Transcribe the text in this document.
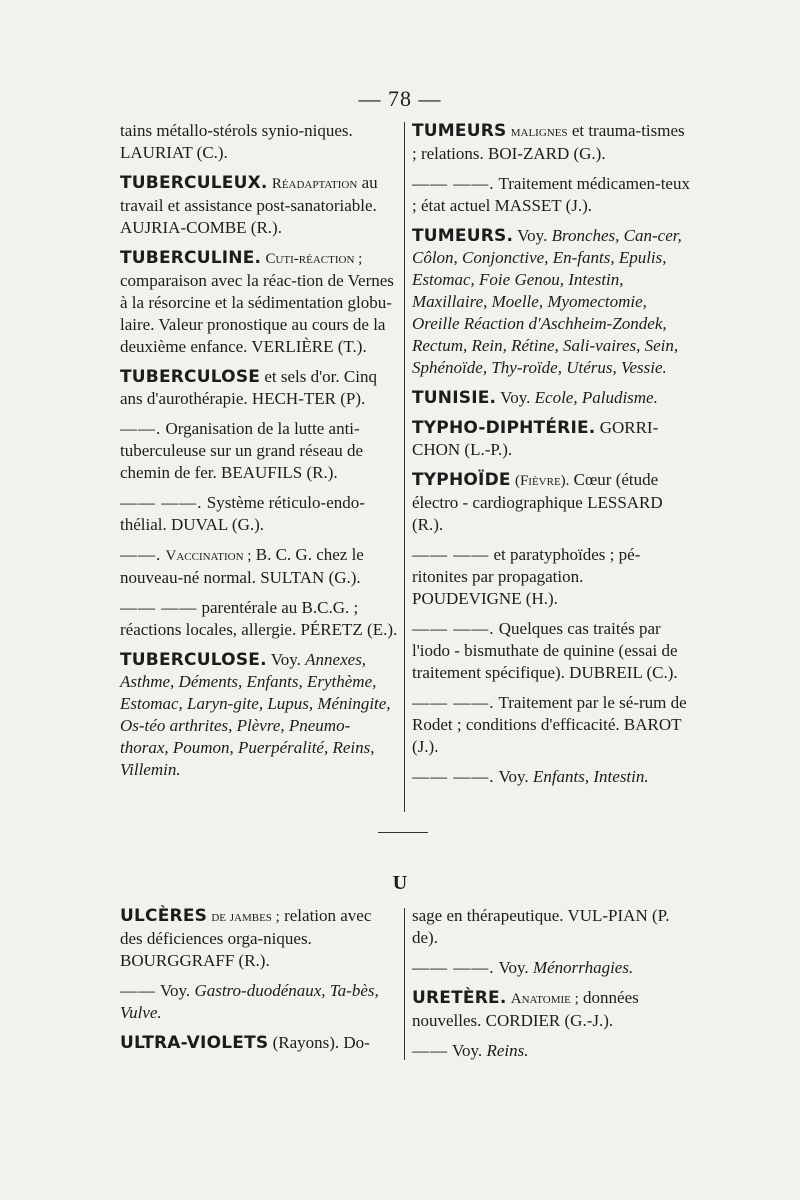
— 78 —
tains métallo-stérols synio-niques. LAURIAT (C.).
TUBERCULEUX. Réadaptation au travail et assistance post-sanatoriable. AUJRIA-COMBE (R.).
TUBERCULINE. Cuti-réaction ; comparaison avec la réac-tion de Vernes à la résorcine et la sédimentation globu-laire. Valeur pronostique au cours de la deuxième enfance. VERLIÈRE (T.).
TUBERCULOSE et sels d'or. Cinq ans d'aurothérapie. HECH-TER (P).
——. Organisation de la lutte anti-tuberculeuse sur un grand réseau de chemin de fer. BEAUFILS (R.).
—— ——. Système réticulo-endo-thélial. DUVAL (G.).
——. Vaccination ; B. C. G. chez le nouveau-né normal. SULTAN (G.).
—— —— parentérale au B.C.G. ; réactions locales, allergie. PÉRETZ (E.).
TUBERCULOSE. Voy. Annexes, Asthme, Déments, Enfants, Erythème, Estomac, Laryn-gite, Lupus, Méningite, Os-téo arthrites, Plèvre, Pneumo-thorax, Poumon, Puerpéralité, Reins, Villemin.
TUMEURS malignes et trauma-tismes ; relations. BOI-ZARD (G.).
—— ——. Traitement médicamen-teux ; état actuel MASSET (J.).
TUMEURS. Voy. Bronches, Can-cer, Côlon, Conjonctive, En-fants, Epulis, Estomac, Foie Genou, Intestin, Maxillaire, Moelle, Myomectomie, Oreille Réaction d'Aschheim-Zondek, Rectum, Rein, Rétine, Sali-vaires, Sein, Sphénoïde, Thy-roïde, Utérus, Vessie.
TUNISIE. Voy. Ecole, Paludisme.
TYPHO-DIPHTÉRIE. GORRI-CHON (L.-P.).
TYPHOÏDE (Fièvre). Cœur (étude électro - cardiographique LESSARD (R.).
—— —— et paratyphoïdes ; pé-ritonites par propagation. POUDEVIGNE (H.).
—— ——. Quelques cas traités par l'iodo - bismuthate de quinine (essai de traitement spécifique). DUBREIL (C.).
—— ——. Traitement par le sé-rum de Rodet ; conditions d'efficacité. BAROT (J.).
—— ——. Voy. Enfants, Intestin.
U
ULCÈRES de jambes ; relation avec des déficiences orga-niques. BOURGGRAFF (R.).
—— Voy. Gastro-duodénaux, Ta-bès, Vulve.
ULTRA-VIOLETS (Rayons). Do-
sage en thérapeutique. VUL-PIAN (P. de).
—— ——. Voy. Ménorrhagies.
URETÈRE. Anatomie ; données nouvelles. CORDIER (G.-J.).
—— Voy. Reins.
